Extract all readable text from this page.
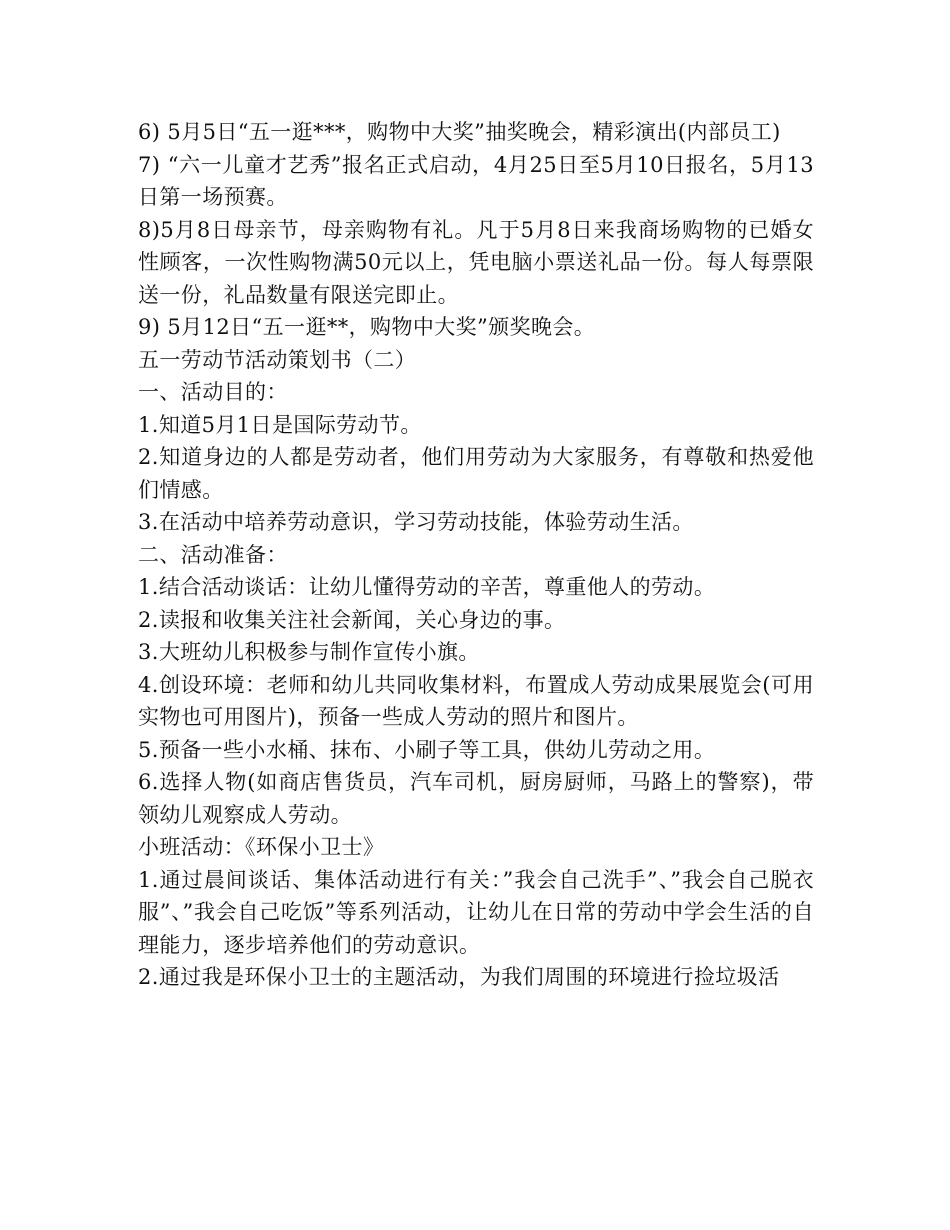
6) 5月5日“五一逛***，购物中大奖”抽奖晚会，精彩演出(内部员工)

7) “六一儿童才艺秀”报名正式启动，4月25日至5月10日报名，5月13日第一场预赛。

8)5月8日母亲节，母亲购物有礼。凡于5月8日来我商场购物的已婚女性顾客，一次性购物满50元以上，凭电脑小票送礼品一份。每人每票限送一份，礼品数量有限送完即止。

9) 5月12日“五一逛**，购物中大奖”颁奖晚会。

五一劳动节活动策划书（二）

一、活动目的：

1.知道5月1日是国际劳动节。

2.知道身边的人都是劳动者，他们用劳动为大家服务，有尊敬和热爱他们情感。

3.在活动中培养劳动意识，学习劳动技能，体验劳动生活。

二、活动准备：

1.结合活动谈话：让幼儿懂得劳动的辛苦，尊重他人的劳动。

2.读报和收集关注社会新闻，关心身边的事。

3.大班幼儿积极参与制作宣传小旗。

4.创设环境：老师和幼儿共同收集材料，布置成人劳动成果展览会(可用实物也可用图片)，预备一些成人劳动的照片和图片。

5.预备一些小水桶、抹布、小刷子等工具，供幼儿劳动之用。

6.选择人物(如商店售货员，汽车司机，厨房厨师，马路上的警察)，带领幼儿观察成人劳动。

小班活动：《环保小卫士》

1.通过晨间谈话、集体活动进行有关：”我会自己洗手”、”我会自己脱衣服”、”我会自己吃饭”等系列活动，让幼儿在日常的劳动中学会生活的自理能力，逐步培养他们的劳动意识。

2.通过我是环保小卫士的主题活动，为我们周围的环境进行捡垃圾活
